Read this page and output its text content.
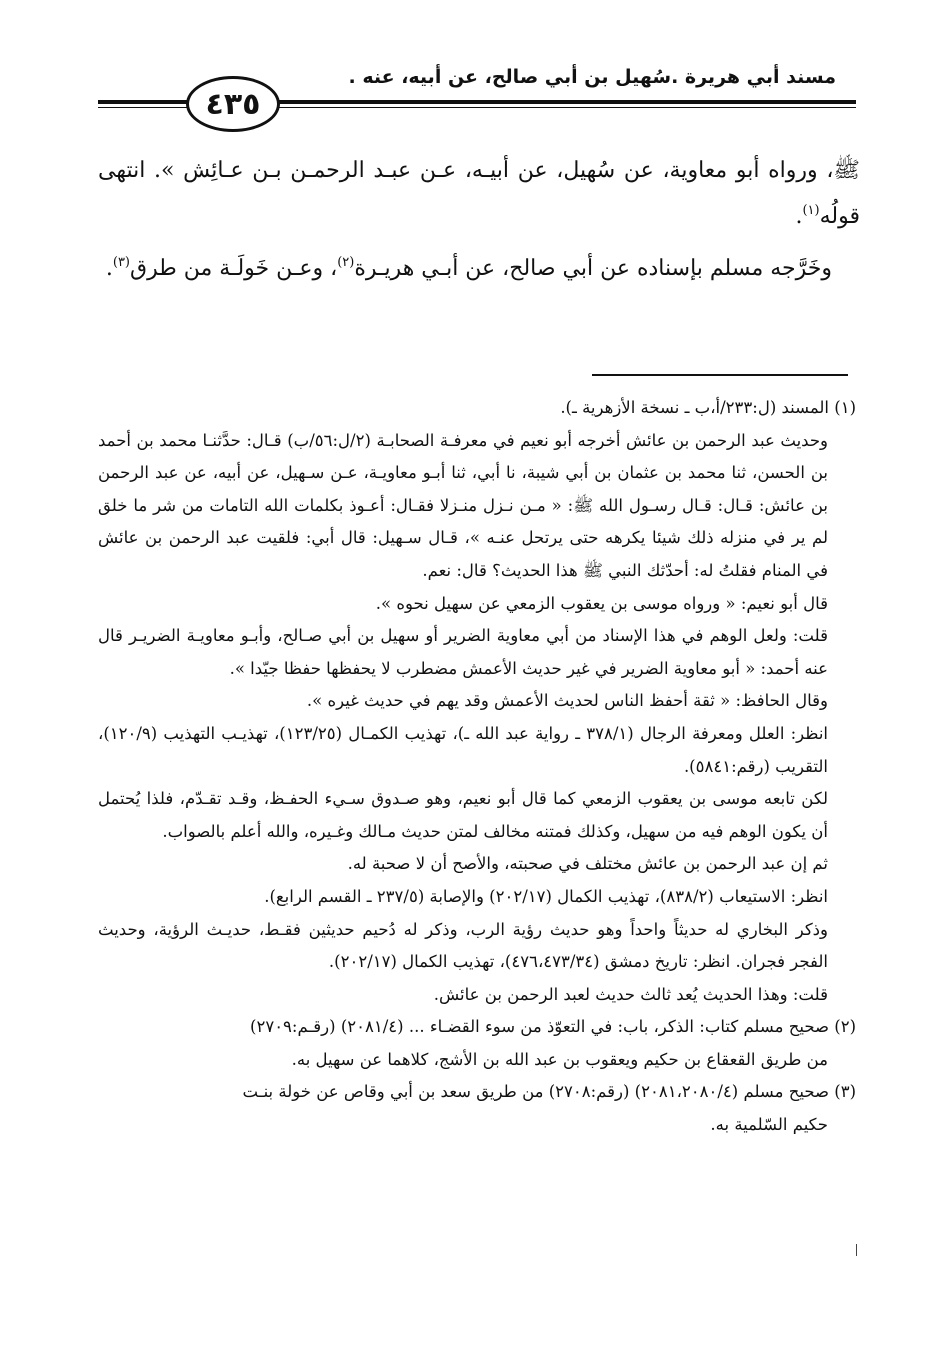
مسند أبي هريرة .سُهيل بن أبي صالح، عن أبيه، عنه .
٤٣٥

ﷺ، ورواه أبو معاوية، عن سُهيل، عن أبيـه، عـن عبـد الرحمـن بـن عـائِش ». انتهى قولُه$^{(١)}$.

وخَرَّجه مسلم بإسناده عن أبي صالح، عن أبـي هريـرة$^{(٢)}$، وعـن خَولَـة من طرق$^{(٣)}$.

(١) المسند (ل:٢٣٣/أ،ب ـ نسخة الأزهرية ـ).

وحديث عبد الرحمن بن عائش أخرجه أبو نعيم في معرفـة الصحابـة (٢/ل:٥٦/ب) قـال: حدَّثنـا محمد بن أحمد بن الحسن، ثنا محمد بن عثمان بن أبي شيبة، نا أبي، ثنا أبـو معاويـة، عـن سـهيل، عن أبيه، عن عبد الرحمن بن عائش: قـال: قـال رسـول الله ﷺ: « مـن نـزل منـزلا فقـال: أعـوذ بكلمات الله التامات من شر ما خلق لم ير في منزله ذلك شيئا يكرهه حتى يرتحل عنـه »، قـال سـهيل: قال أبي: فلقيت عبد الرحمن بن عائش في المنام فقلتُ له: أحدّثك النبي ﷺ هذا الحديث؟ قال: نعم.

قال أبو نعيم: « ورواه موسى بن يعقوب الزمعي عن سهيل نحوه ».

قلت: ولعل الوهم في هذا الإسناد من أبي معاوية الضرير أو سهيل بن أبي صـالح، وأبـو معاويـة الضريـر قال عنه أحمد: « أبو معاوية الضرير في غير حديث الأعمش مضطرب لا يحفظها حفظا جيّدا ».

وقال الحافظ: « ثقة أحفظ الناس لحديث الأعمش وقد يهم في حديث غيره ».

انظر: العلل ومعرفة الرجال (٣٧٨/١ ـ رواية عبد الله ـ)، تهذيب الكمـال (١٢٣/٢٥)، تهذيـب التهذيب (١٢٠/٩)، التقريب (رقم:٥٨٤١).

لكن تابعه موسى بن يعقوب الزمعي كما قال أبو نعيم، وهو صـدوق سـيء الحفـظ، وقـد تقـدّم، فلذا يُحتمل أن يكون الوهم فيه من سهيل، وكذلك فمتنه مخالف لمتن حديث مـالك وغـيره، والله أعلم بالصواب.

ثم إن عبد الرحمن بن عائش مختلف في صحبته، والأصح أن لا صحبة له.

انظر: الاستيعاب (٨٣٨/٢)، تهذيب الكمال (٢٠٢/١٧) والإصابة (٢٣٧/٥ ـ القسم الرابع).

وذكر البخاري له حديثاً واحداً وهو حديث رؤية الرب، وذكر له دُحيم حديثين فقـط، حديـث الرؤية، وحديث الفجر فجران. انظر: تاريخ دمشق (٤٧٦،٤٧٣/٣٤)، تهذيب الكمال (٢٠٢/١٧).

قلت: وهذا الحديث يُعد ثالث حديث لعبد الرحمن بن عائش.

(٢) صحيح مسلم كتاب: الذكر، باب: في التعوّذ من سوء القضـاء ... (٢٠٨١/٤) (رقـم:٢٧٠٩)

من طريق القعقاع بن حكيم ويعقوب بن عبد الله بن الأشج، كلاهما عن سهيل به.

(٣) صحيح مسلم (٢٠٨١،٢٠٨٠/٤) (رقم:٢٧٠٨) من طريق سعد بن أبي وقاص عن خولة بنـت

حكيم السّلمية به.
